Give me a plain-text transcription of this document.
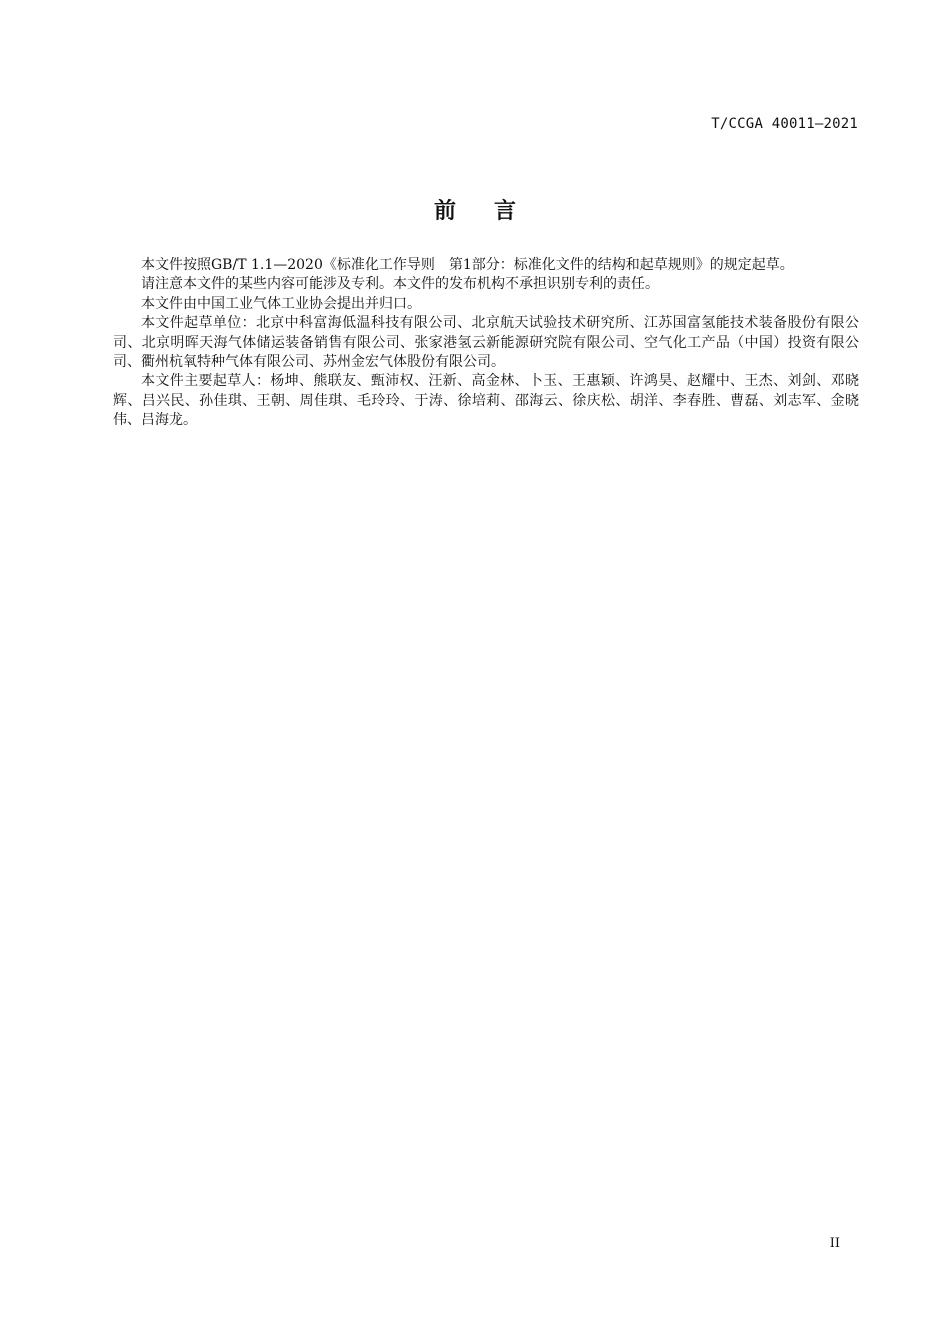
T/CCGA 40011—2021
前言

本文件按照GB/T 1.1—2020《标准化工作导则　第1部分：标准化文件的结构和起草规则》的规定起草。

请注意本文件的某些内容可能涉及专利。本文件的发布机构不承担识别专利的责任。

本文件由中国工业气体工业协会提出并归口。

本文件起草单位：北京中科富海低温科技有限公司、北京航天试验技术研究所、江苏国富氢能技术装备股份有限公司、北京明晖天海气体储运装备销售有限公司、张家港氢云新能源研究院有限公司、空气化工产品（中国）投资有限公司、衢州杭氧特种气体有限公司、苏州金宏气体股份有限公司。

本文件主要起草人：杨坤、熊联友、甄沛权、汪新、高金林、卜玉、王惠颖、许鸿昊、赵耀中、王杰、刘剑、邓晓辉、吕兴民、孙佳琪、王朝、周佳琪、毛玲玲、于涛、徐培莉、邵海云、徐庆松、胡洋、李春胜、曹磊、刘志军、金晓伟、吕海龙。

II
